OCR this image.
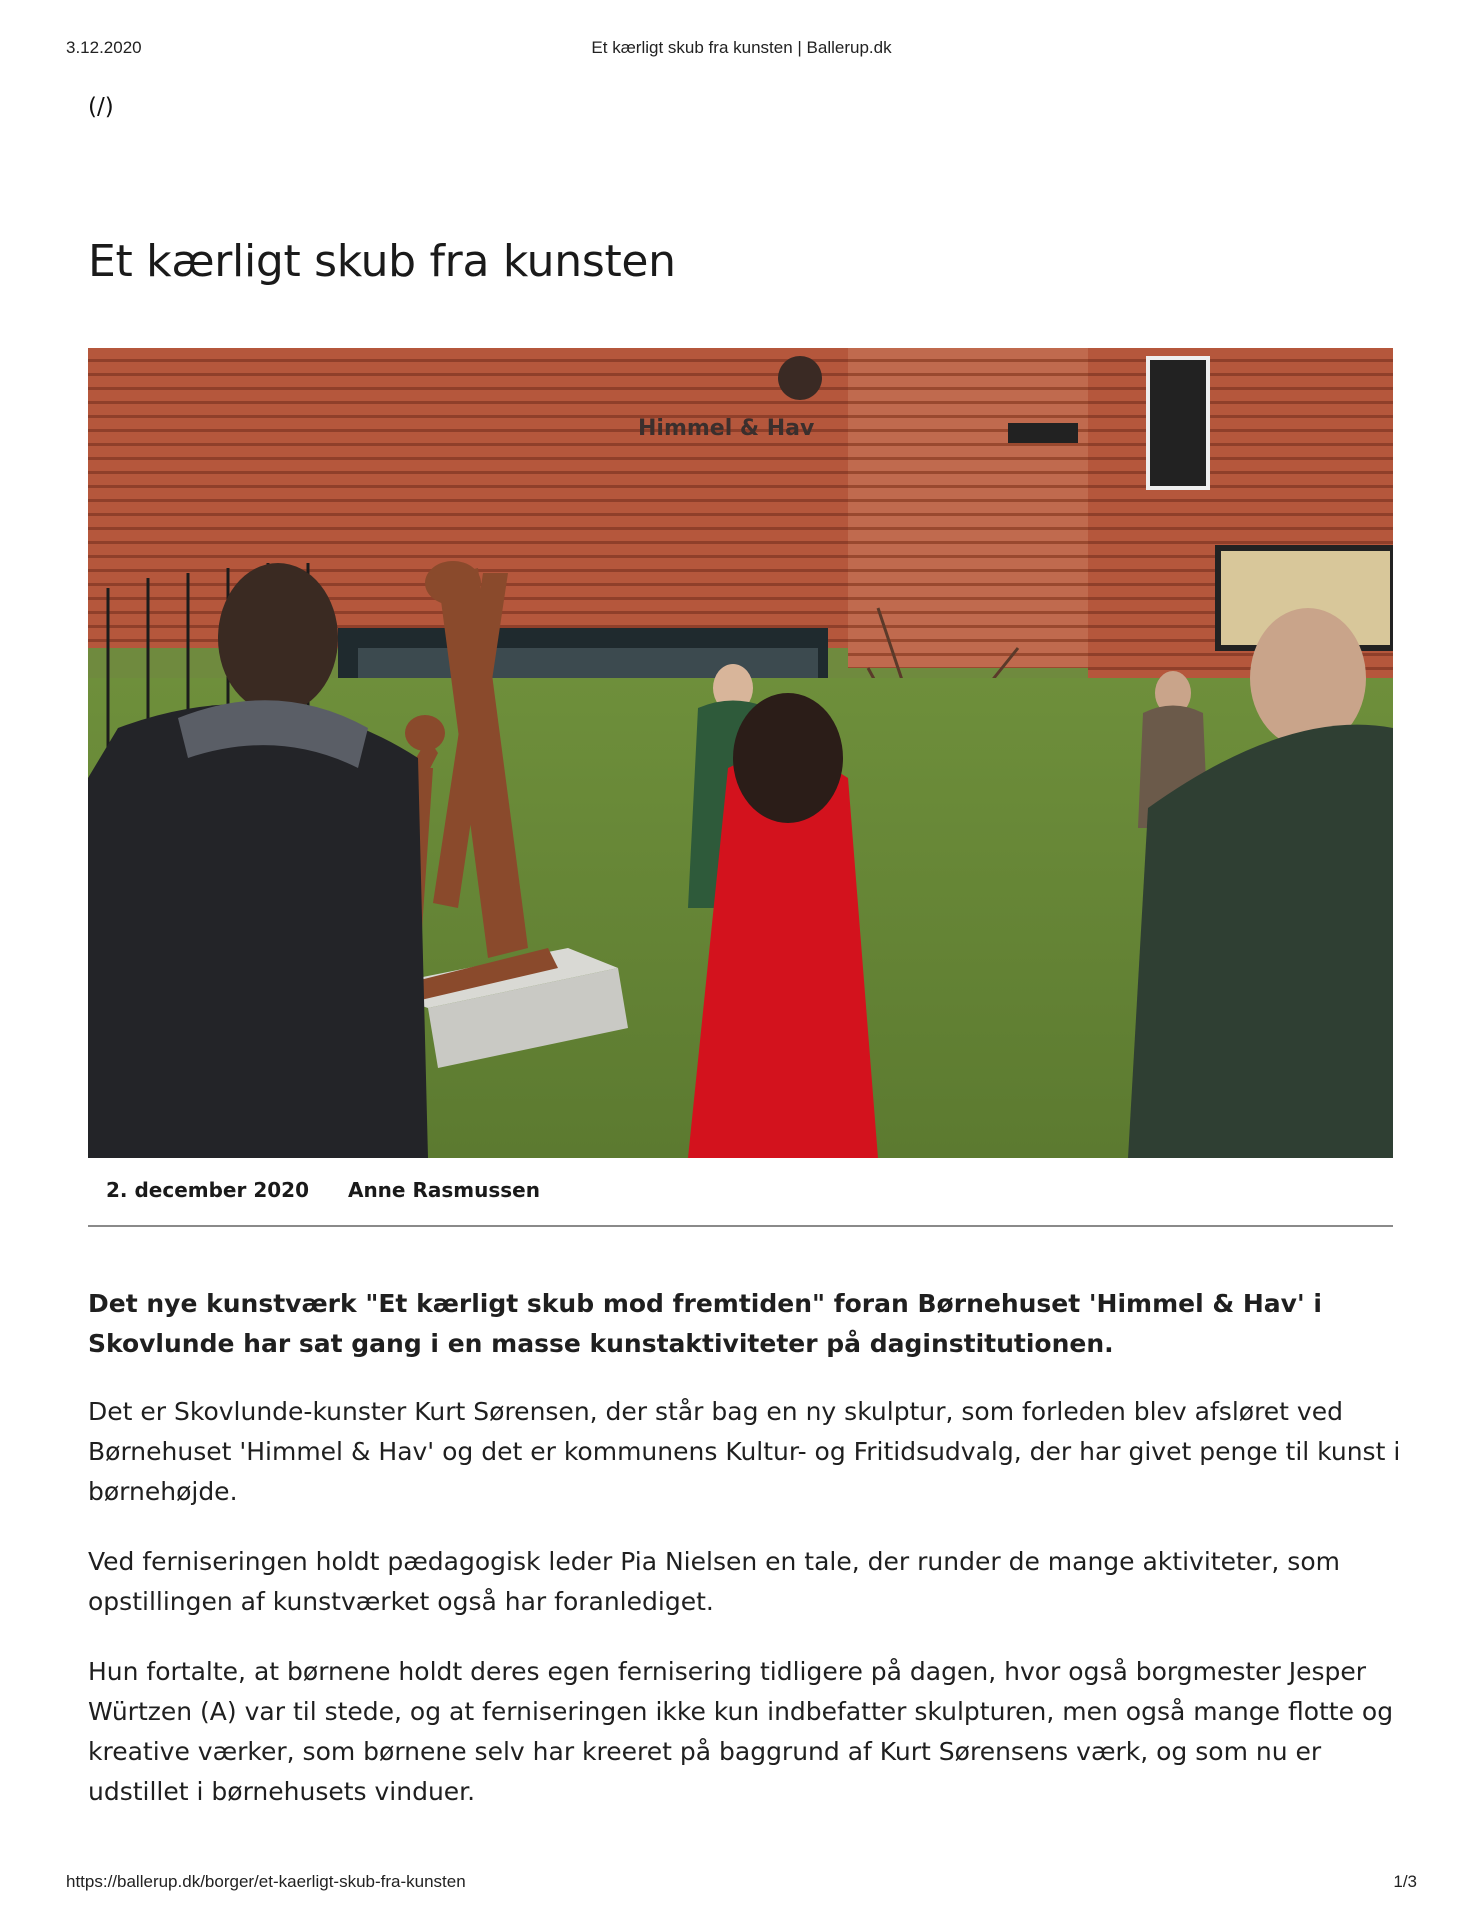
3.12.2020	Et kærligt skub fra kunsten | Ballerup.dk
(/)
Et kærligt skub fra kunsten
Himmel & Hav
2. december 2020 Anne Rasmussen

Det nye kunstværk "Et kærligt skub mod fremtiden" foran Børnehuset 'Himmel & Hav' i Skovlunde har sat gang i en masse kunstaktiviteter på daginstitutionen.

Det er Skovlunde-kunster Kurt Sørensen, der står bag en ny skulptur, som forleden blev afsløret ved Børnehuset 'Himmel & Hav' og det er kommunens Kultur- og Fritidsudvalg, der har givet penge til kunst i børnehøjde.

Ved ferniseringen holdt pædagogisk leder Pia Nielsen en tale, der runder de mange aktiviteter, som opstillingen af kunstværket også har foranlediget.

Hun fortalte, at børnene holdt deres egen fernisering tidligere på dagen, hvor også borgmester Jesper Würtzen (A) var til stede, og at ferniseringen ikke kun indbefatter skulpturen, men også mange flotte og kreative værker, som børnene selv har kreeret på baggrund af Kurt Sørensens værk, og som nu er udstillet i børnehusets vinduer.

https://ballerup.dk/borger/et-kaerligt-skub-fra-kunsten	1/3
